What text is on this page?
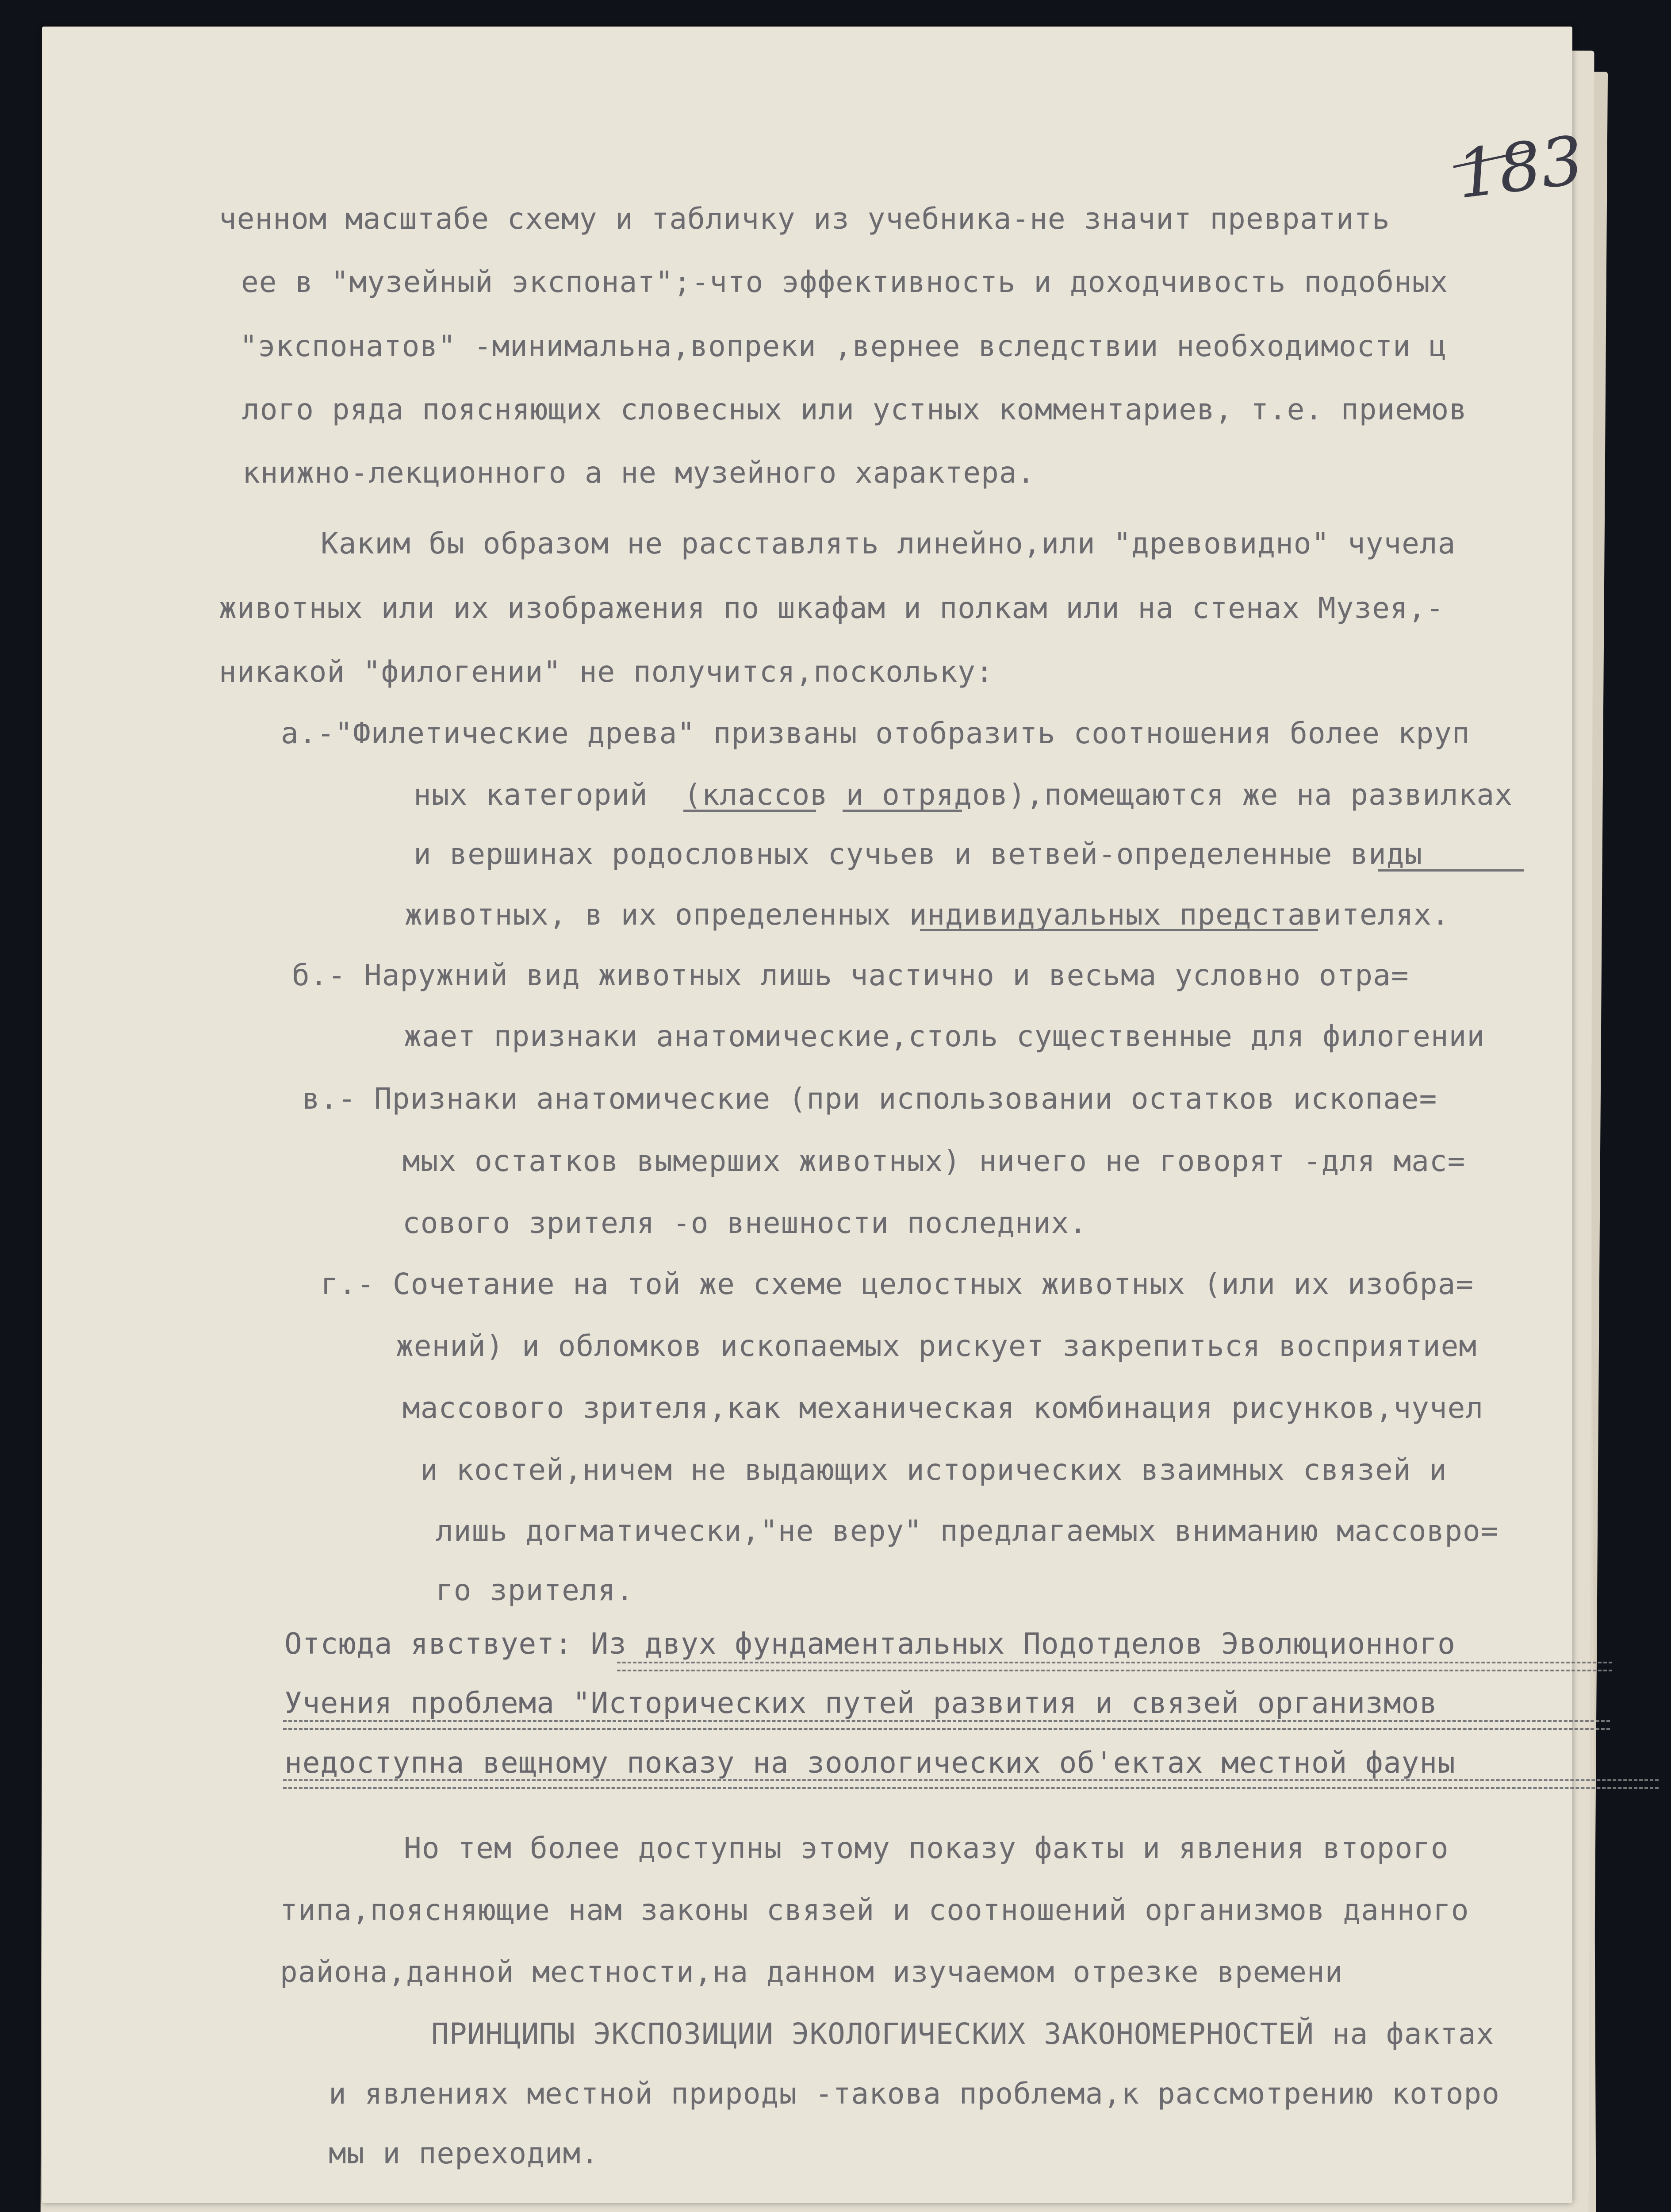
183
ченном масштабе схему и табличку из учебника-не значит превратить
ее в "музейный экспонат";-что эффективность и доходчивость подобных
"экспонатов" -минимальна,вопреки ,вернее вследствии необходимости ц
лого ряда поясняющих словесных или устных комментариев, т.е. приемов
книжно-лекционного а не музейного характера.
Каким бы образом не расставлять линейно,или "древовидно" чучела
животных или их изображения по шкафам и полкам или на стенах Музея,-
никакой "филогении" не получится,поскольку:
а.-"Филетические древа" призваны отобразить соотношения более круп
ных категорий  (классов и отрядов),помещаются же на развилках
и вершинах родословных сучьев и ветвей-определенные виды
животных, в их определенных индивидуальных представителях.
б.- Наружний вид животных лишь частично и весьма условно отра=
жает признаки анатомические,столь существенные для филогении
в.- Признаки анатомические (при использовании остатков ископае=
мых остатков вымерших животных) ничего не говорят -для мас=
сового зрителя -о внешности последних.
г.- Сочетание на той же схеме целостных животных (или их изобра=
жений) и обломков ископаемых рискует закрепиться восприятием
массового зрителя,как механическая комбинация рисунков,чучел
и костей,ничем не выдающих исторических взаимных связей и
лишь догматически,"не веру" предлагаемых вниманию массовро=
го зрителя.
Отсюда явствует: Из двух фундаментальных Подотделов Эволюционного
Учения проблема "Исторических путей развития и связей организмов
недоступна вещному показу на зоологических об'ектах местной фауны
Но тем более доступны этому показу факты и явления второго
типа,поясняющие нам законы связей и соотношений организмов данного
района,данной местности,на данном изучаемом отрезке времени
ПРИНЦИПЫ ЭКСПОЗИЦИИ ЭКОЛОГИЧЕСКИХ ЗАКОНОМЕРНОСТЕЙ на фактах
и явлениях местной природы -такова проблема,к рассмотрению которо
мы и переходим.
